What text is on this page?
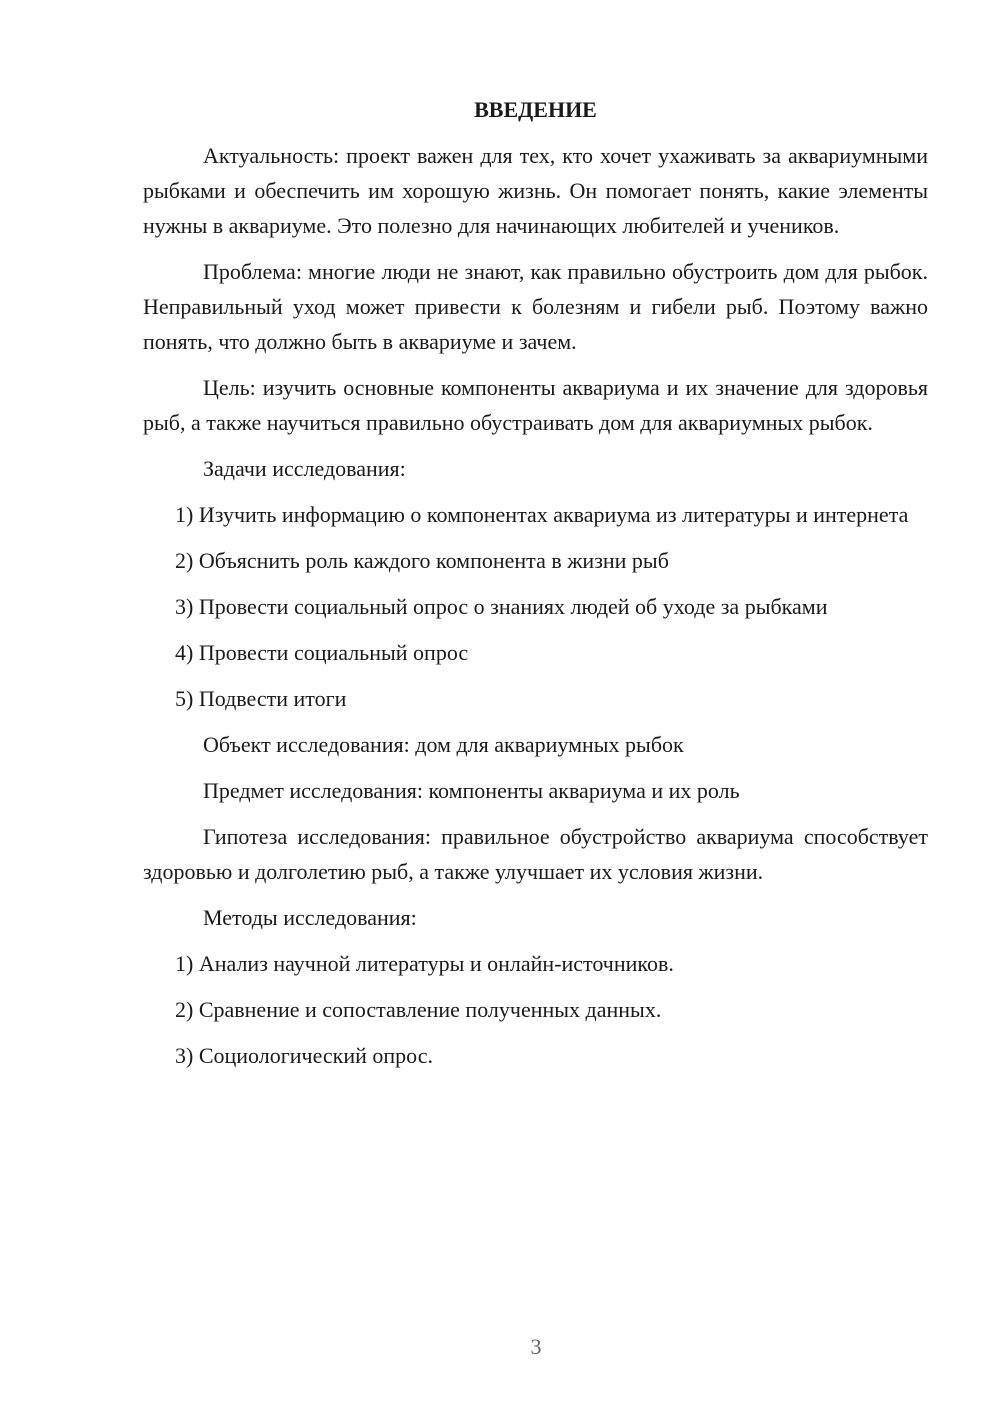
ВВЕДЕНИЕ

Актуальность: проект важен для тех, кто хочет ухаживать за аквариумными рыбками и обеспечить им хорошую жизнь. Он помогает понять, какие элементы нужны в аквариуме. Это полезно для начинающих любителей и учеников.

Проблема: многие люди не знают, как правильно обустроить дом для рыбок. Неправильный уход может привести к болезням и гибели рыб. Поэтому важно понять, что должно быть в аквариуме и зачем.

Цель: изучить основные компоненты аквариума и их значение для здоровья рыб, а также научиться правильно обустраивать дом для аквариумных рыбок.

Задачи исследования:

1) Изучить информацию о компонентах аквариума из литературы и интернета

2) Объяснить роль каждого компонента в жизни рыб

3) Провести социальный опрос о знаниях людей об уходе за рыбками

4) Провести социальный опрос

5) Подвести итоги

Объект исследования: дом для аквариумных рыбок

Предмет исследования: компоненты аквариума и их роль

Гипотеза исследования: правильное обустройство аквариума способствует здоровью и долголетию рыб, а также улучшает их условия жизни.

Методы исследования:

1) Анализ научной литературы и онлайн-источников.

2) Сравнение и сопоставление полученных данных.

3) Социологический опрос.

3
